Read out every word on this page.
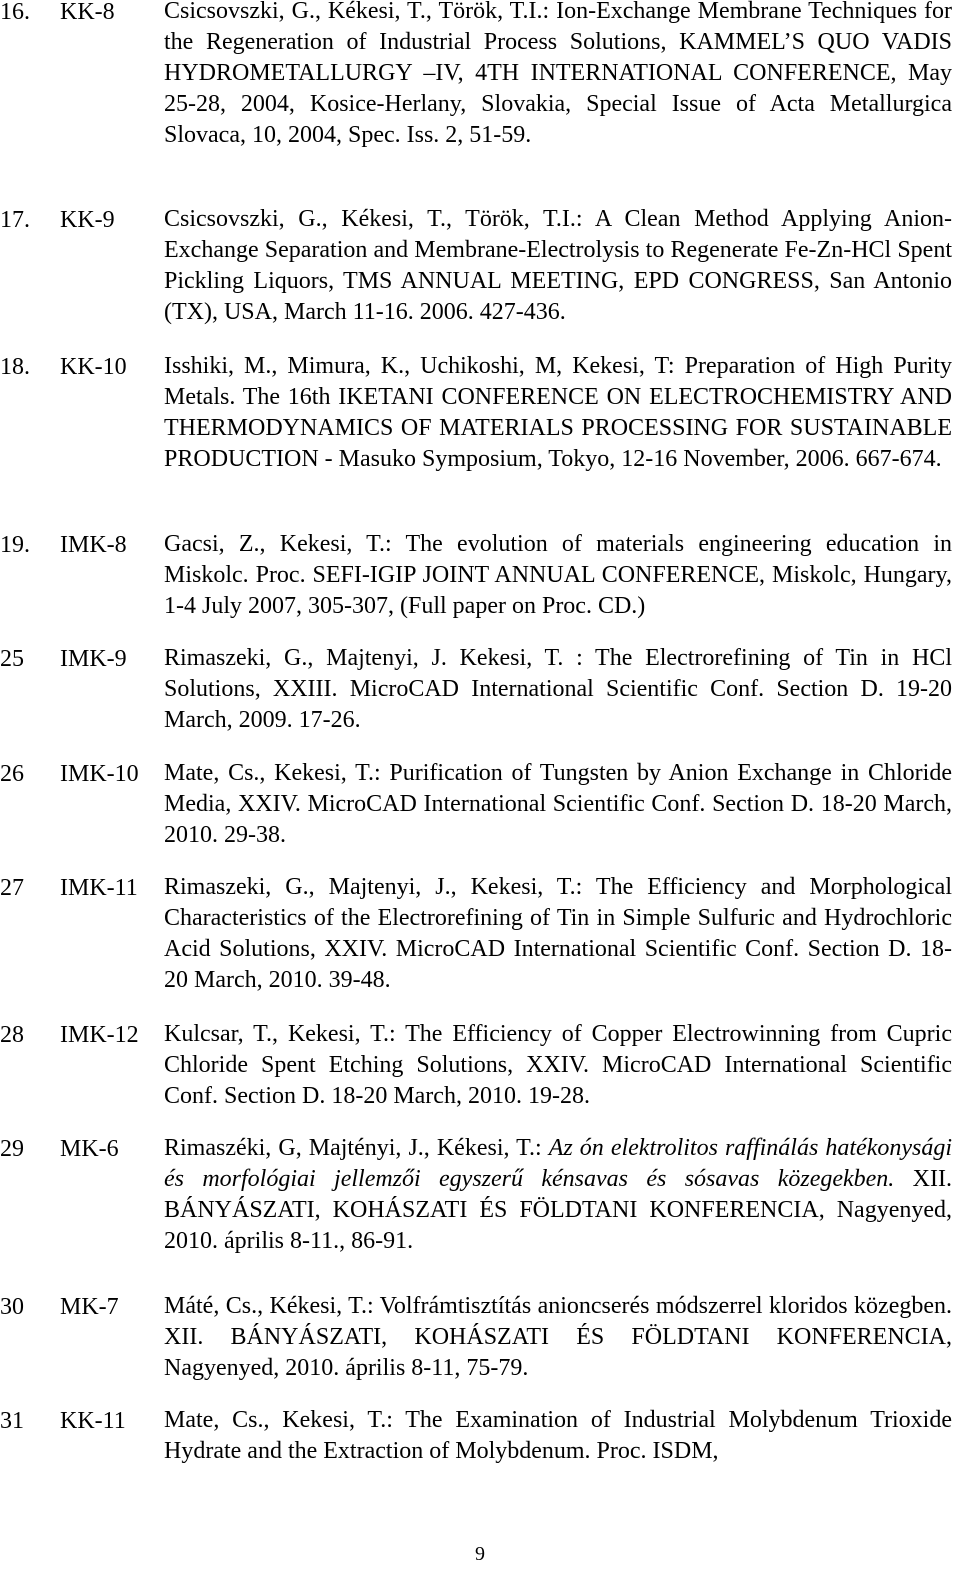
16. KK-8 Csicsovszki, G., Kékesi, T., Török, T.I.: Ion-Exchange Membrane Techniques for the Regeneration of Industrial Process Solutions, KAMMEL’S QUO VADIS HYDROMETALLURGY –IV, 4TH INTERNATIONAL CONFERENCE, May 25-28, 2004, Kosice-Herlany, Slovakia, Special Issue of Acta Metallurgica Slovaca, 10, 2004, Spec. Iss. 2, 51-59.
17. KK-9 Csicsovszki, G., Kékesi, T., Török, T.I.: A Clean Method Applying Anion-Exchange Separation and Membrane-Electrolysis to Regenerate Fe-Zn-HCl Spent Pickling Liquors, TMS ANNUAL MEETING, EPD CONGRESS, San Antonio (TX), USA, March 11-16. 2006. 427-436.
18. KK-10 Isshiki, M., Mimura, K., Uchikoshi, M, Kekesi, T: Preparation of High Purity Metals. The 16th IKETANI CONFERENCE ON ELECTROCHEMISTRY AND THERMODYNAMICS OF MATERIALS PROCESSING FOR SUSTAINABLE PRODUCTION - Masuko Symposium, Tokyo, 12-16 November, 2006. 667-674.
19. IMK-8 Gacsi, Z., Kekesi, T.: The evolution of materials engineering education in Miskolc. Proc. SEFI-IGIP JOINT ANNUAL CONFERENCE, Miskolc, Hungary, 1-4 July 2007, 305-307, (Full paper on Proc. CD.)
25 IMK-9 Rimaszeki, G., Majtenyi, J. Kekesi, T. : The Electrorefining of Tin in HCl Solutions, XXIII. MicroCAD International Scientific Conf. Section D. 19-20 March, 2009. 17-26.
26 IMK-10 Mate, Cs., Kekesi, T.: Purification of Tungsten by Anion Exchange in Chloride Media, XXIV. MicroCAD International Scientific Conf. Section D. 18-20 March, 2010. 29-38.
27 IMK-11 Rimaszeki, G., Majtenyi, J., Kekesi, T.: The Efficiency and Morphological Characteristics of the Electrorefining of Tin in Simple Sulfuric and Hydrochloric Acid Solutions, XXIV. MicroCAD International Scientific Conf. Section D. 18-20 March, 2010. 39-48.
28 IMK-12 Kulcsar, T., Kekesi, T.: The Efficiency of Copper Electrowinning from Cupric Chloride Spent Etching Solutions, XXIV. MicroCAD International Scientific Conf. Section D. 18-20 March, 2010. 19-28.
29 MK-6 Rimaszéki, G, Majtényi, J., Kékesi, T.: Az ón elektrolitos raffinálás hatékonysági és morfológiai jellemzői egyszerű kénsavas és sósavas közegekben. XII. BÁNYÁSZATI, KOHÁSZATI ÉS FÖLDTANI KONFERENCIA, Nagyenyed, 2010. április 8-11., 86-91.
30 MK-7 Máté, Cs., Kékesi, T.: Volfrámtisztítás anioncserés módszerrel kloridos közegben. XII. BÁNYÁSZATI, KOHÁSZATI ÉS FÖLDTANI KONFERENCIA, Nagyenyed, 2010. április 8-11, 75-79.
31 KK-11 Mate, Cs., Kekesi, T.: The Examination of Industrial Molybdenum Trioxide Hydrate and the Extraction of Molybdenum. Proc. ISDM,
9
